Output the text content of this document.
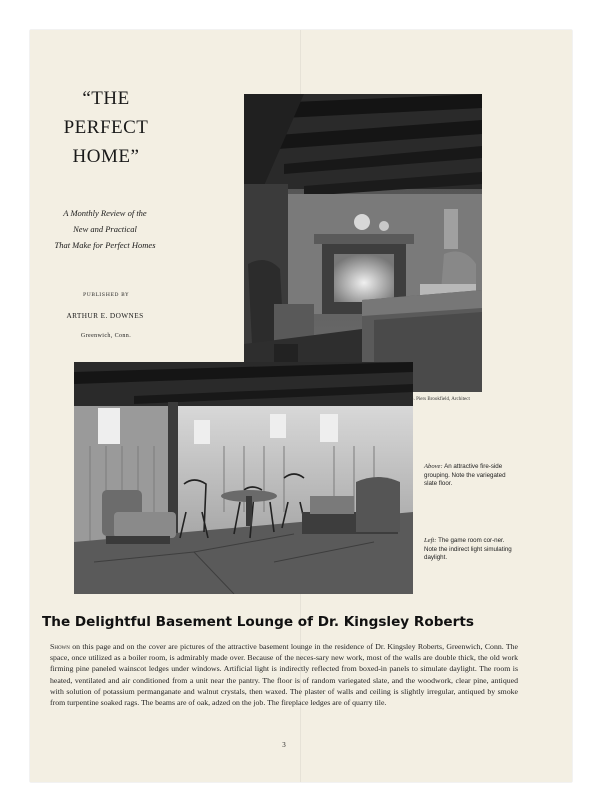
“THE
PERFECT
HOME”
A Monthly Review of the
New and Practical
That Make for Perfect Homes
PUBLISHED BY
ARTHUR E. DOWNES
Greenwich, Conn.
G. Piers Brookfield, Architect
Above: An attractive fire-side grouping. Note the variegated slate floor.
Left: The game room cor-ner. Note the indirect light simulating daylight.
The Delightful Basement Lounge of Dr. Kingsley Roberts
Shown on this page and on the cover are pictures of the attractive basement lounge in the residence of Dr. Kingsley Roberts, Greenwich, Conn. The space, once utilized as a boiler room, is admirably made over. Because of the neces-sary new work, most of the walls are double thick, the old work firming pine paneled wainscot ledges under windows. Artificial light is indirectly reflected from boxed-in panels to simulate daylight. The room is heated, ventilated and air conditioned from a unit near the pantry. The floor is of random variegated slate, and the woodwork, clear pine, antiqued with solution of potassium permanganate and walnut crystals, then waxed. The plaster of walls and ceiling is slightly irregular, antiqued by smoke from turpentine soaked rags. The beams are of oak, adzed on the job. The fireplace ledges are of quarry tile.
3
